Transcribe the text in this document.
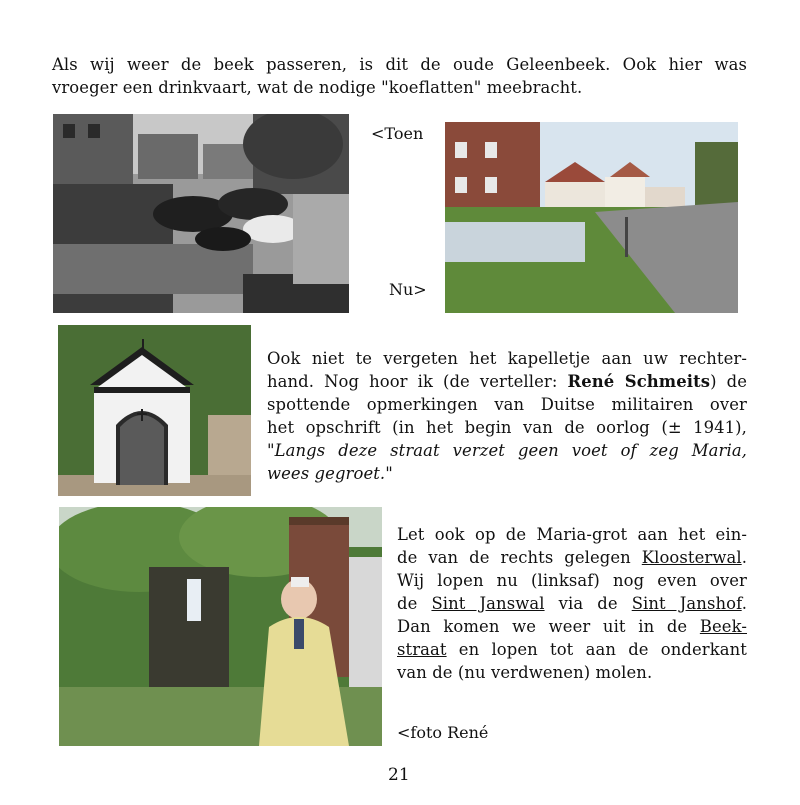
Als wij weer de beek passeren, is dit de oude Geleenbeek. Ook hier was
vroeger een drinkvaart, wat de nodige "koeflatten" meebracht.
<Toen
Nu>
Ook niet te vergeten het kapelletje aan uw rechter-
hand. Nog hoor ik (de verteller: René Schmeits) de
spottende opmerkingen van Duitse militairen over
het opschrift (in het begin van de oorlog (± 1941),
"Langs deze straat verzet geen voet of zeg Maria,
wees gegroet."
Let ook op de Maria-grot aan het ein-
de van de rechts gelegen Kloosterwal.
Wij lopen nu (linksaf) nog even over
de Sint Janswal via de Sint Janshof.
Dan komen we weer uit in de Beek-
straat en lopen tot aan de onderkant
van de (nu verdwenen) molen.
<foto René
21
